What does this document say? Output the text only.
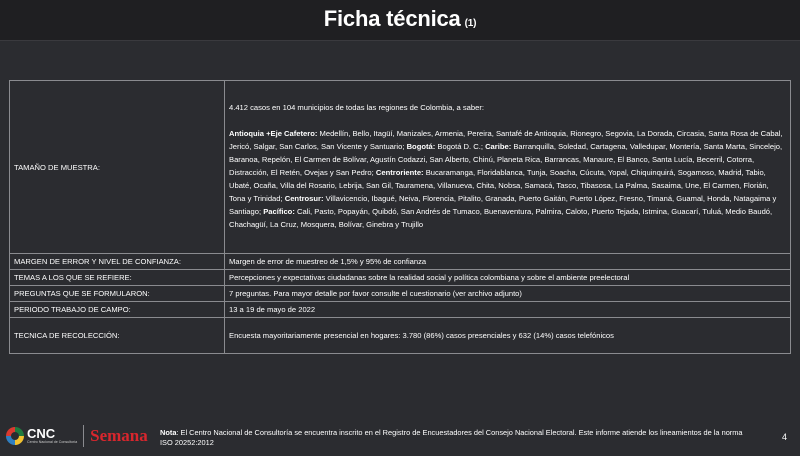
Ficha técnica (1)
TAMAÑO DE MUESTRA:	4.412 casos en 104 municipios de todas las regiones de Colombia, a saber:
Antioquia +Eje Cafetero: Medellín, Bello, Itagüí, Manizales, Armenia, Pereira, Santafé de Antioquia, Rionegro, Segovia, La Dorada, Circasia, Santa Rosa de Cabal, Jericó, Salgar, San Carlos, San Vicente y Santuario; Bogotá: Bogotá D. C.; Caribe: Barranquilla, Soledad, Cartagena, Valledupar, Montería, Santa Marta, Sincelejo, Baranoa, Repelón, El Carmen de Bolívar, Agustín Codazzi, San Alberto, Chinú, Planeta Rica, Barrancas, Manaure, El Banco, Santa Lucía, Becerril, Cotorra, Distracción, El Retén, Ovejas y San Pedro; Centroriente: Bucaramanga, Floridablanca, Tunja, Soacha, Cúcuta, Yopal, Chiquinquirá, Sogamoso, Madrid, Tabio, Ubaté, Ocaña, Villa del Rosario, Lebrija, San Gil, Tauramena, Villanueva, Chita, Nobsa, Samacá, Tasco, Tibasosa, La Palma, Sasaima, Une, El Carmen, Florián, Tona y Trinidad; Centrosur: Villavicencio, Ibagué, Neiva, Florencia, Pitalito, Granada, Puerto Gaitán, Puerto López, Fresno, Timaná, Guamal, Honda, Natagaima y Santiago; Pacífico: Cali, Pasto, Popayán, Quibdó, San Andrés de Tumaco, Buenaventura, Palmira, Caloto, Puerto Tejada, Istmina, Guacarí, Tuluá, Medio Baudó, Chachagüí, La Cruz, Mosquera, Bolívar, Ginebra y Trujillo

MARGEN DE ERROR Y NIVEL DE CONFIANZA:	Margen de error de muestreo de 1,5% y 95% de confianza
TEMAS A LOS QUE SE REFIERE:	Percepciones y expectativas ciudadanas sobre la realidad social y política colombiana y sobre el ambiente preelectoral
PREGUNTAS QUE SE FORMULARON:	7 preguntas. Para mayor detalle por favor consulte el cuestionario (ver archivo adjunto)
PERIODO TRABAJO DE CAMPO:	13 a 19 de mayo de 2022
TECNICA DE RECOLECCIÓN:	Encuesta mayoritariamente presencial en hogares: 3.780 (86%) casos presenciales y 632 (14%) casos telefónicos
CNC
Centro Nacional de Consultoría Semana Nota: El Centro Nacional de Consultoría se encuentra inscrito en el Registro de Encuestadores del Consejo Nacional Electoral. Este informe atiende los lineamientos de la norma ISO 20252:2012
4
